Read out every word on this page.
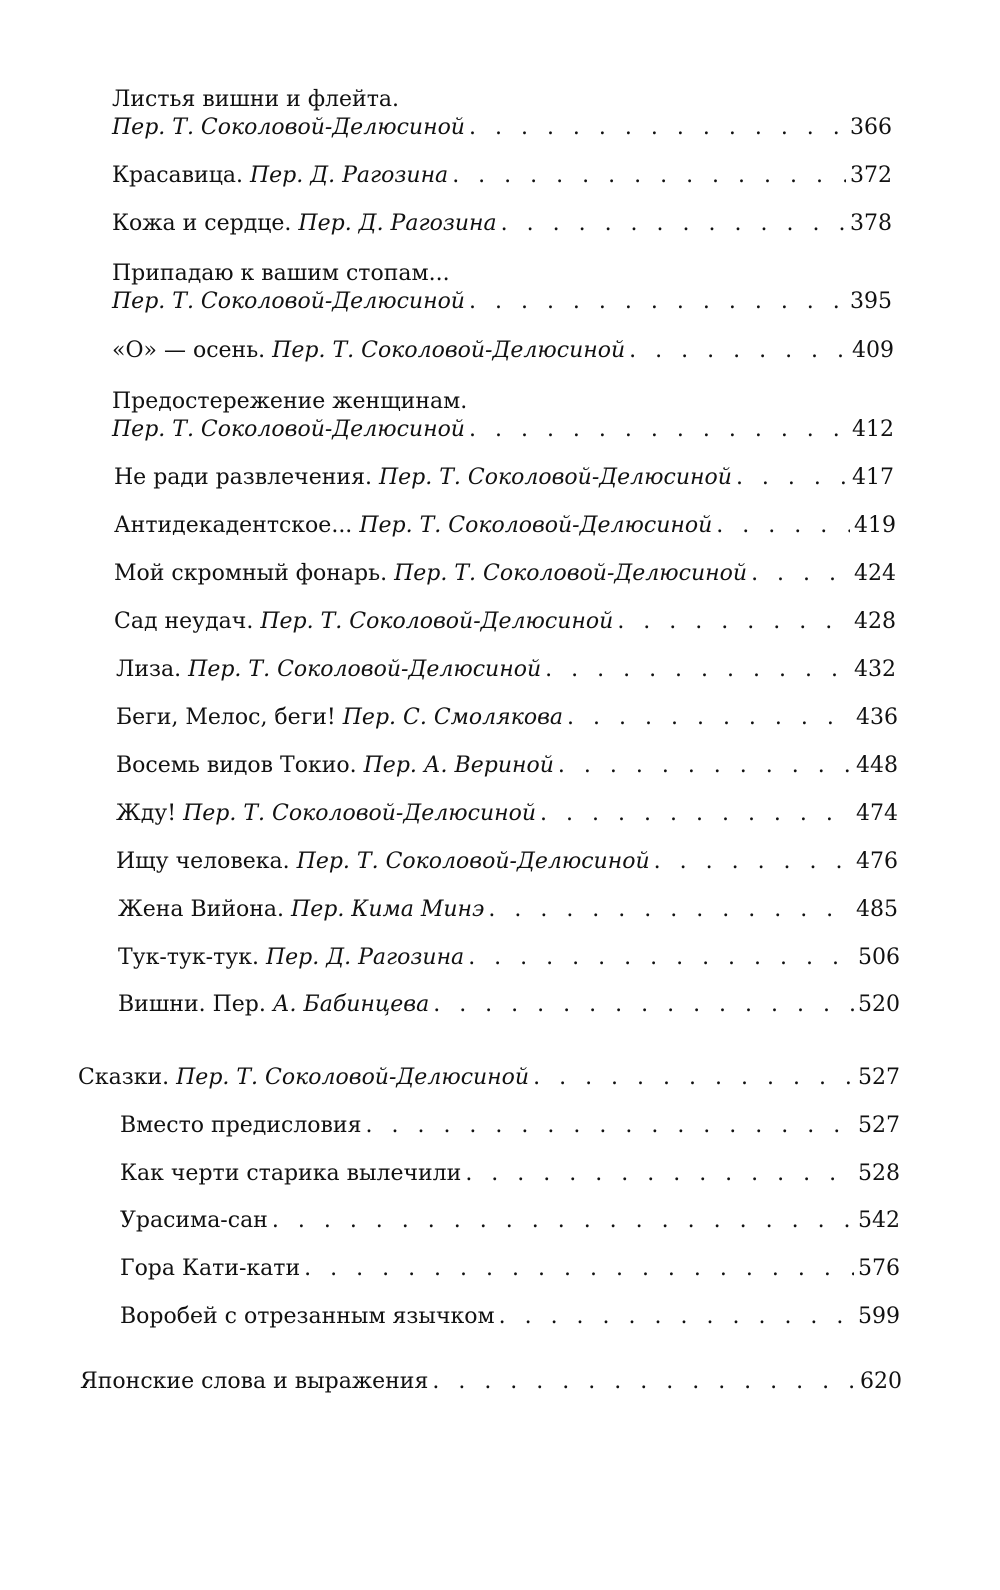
Листья вишни и флейта.
Пер. Т. Соколовой-Делюсиной . . .	366
Красавица. Пер. Д. Рагозина . . .	372
Кожа и сердце. Пер. Д. Рагозина . . .	378
Припадаю к вашим стопам...
Пер. Т. Соколовой-Делюсиной . . .	395
«О» — осень. Пер. Т. Соколовой-Делюсиной . . .	409
Предостережение женщинам.
Пер. Т. Соколовой-Делюсиной . . .	412
Не ради развлечения. Пер. Т. Соколовой-Делюсиной . . .	417
Антидекадентское... Пер. Т. Соколовой-Делюсиной . . .	419
Мой скромный фонарь. Пер. Т. Соколовой-Делюсиной . . .	424
Сад неудач. Пер. Т. Соколовой-Делюсиной . . .	428
Лиза. Пер. Т. Соколовой-Делюсиной . . .	432
Беги, Мелос, беги! Пер. С. Смолякова . . .	436
Восемь видов Токио. Пер. А. Вериной . . .	448
Жду! Пер. Т. Соколовой-Делюсиной . . .	474
Ищу человека. Пер. Т. Соколовой-Делюсиной . . .	476
Жена Вийона. Пер. Кима Минэ . . .	485
Тук-тук-тук. Пер. Д. Рагозина . . .	506
Вишни. Пер. А. Бабинцева . . .	520
Сказки. Пер. Т. Соколовой-Делюсиной . . .	527
Вместо предисловия . . .	527
Как черти старика вылечили . . .	528
Урасима-сан . . .	542
Гора Кати-кати . . .	576
Воробей с отрезанным язычком . . .	599
Японские слова и выражения . . .	620
